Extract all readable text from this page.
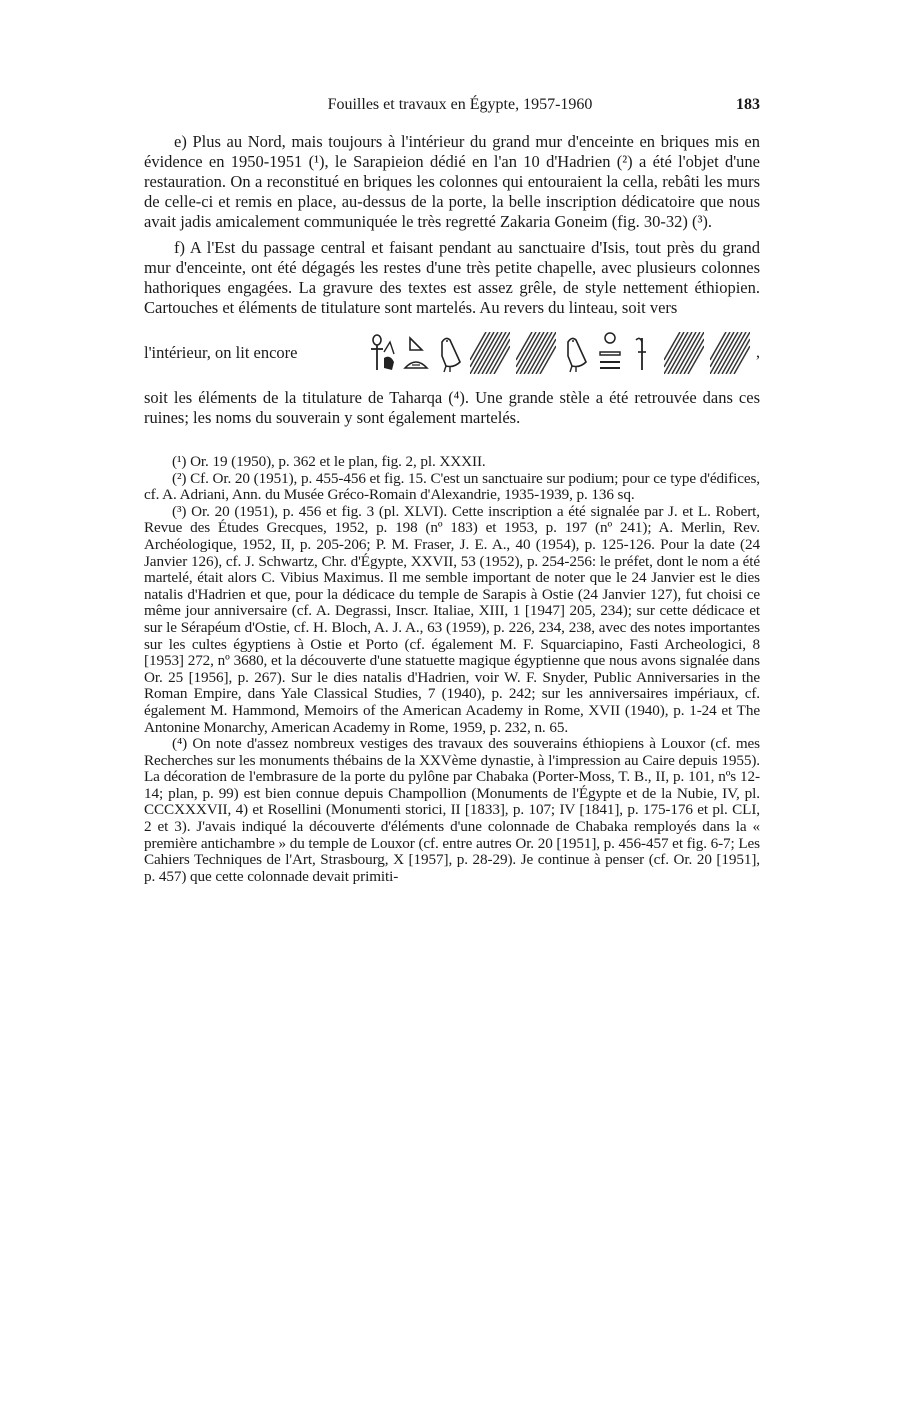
Fouilles et travaux en Égypte, 1957-1960	183

e) Plus au Nord, mais toujours à l'intérieur du grand mur d'enceinte en briques mis en évidence en 1950-1951 (¹), le Sarapieion dédié en l'an 10 d'Hadrien (²) a été l'objet d'une restauration. On a reconstitué en briques les colonnes qui entouraient la cella, rebâti les murs de celle-ci et remis en place, au-dessus de la porte, la belle inscription dédicatoire que nous avait jadis amicalement communiquée le très regretté Zakaria Goneim (fig. 30-32) (³).

f) A l'Est du passage central et faisant pendant au sanctuaire d'Isis, tout près du grand mur d'enceinte, ont été dégagés les restes d'une très petite chapelle, avec plusieurs colonnes hathoriques engagées. La gravure des textes est assez grêle, de style nettement éthiopien. Cartouches et éléments de titulature sont martelés. Au revers du linteau, soit vers

l'intérieur, on lit encore	,

soit les éléments de la titulature de Taharqa (⁴). Une grande stèle a été retrouvée dans ces ruines; les noms du souverain y sont également martelés.

(¹) Or. 19 (1950), p. 362 et le plan, fig. 2, pl. XXXII.

(²) Cf. Or. 20 (1951), p. 455-456 et fig. 15. C'est un sanctuaire sur podium; pour ce type d'édifices, cf. A. Adriani, Ann. du Musée Gréco-Romain d'Alexandrie, 1935-1939, p. 136 sq.

(³) Or. 20 (1951), p. 456 et fig. 3 (pl. XLVI). Cette inscription a été signalée par J. et L. Robert, Revue des Études Grecques, 1952, p. 198 (nº 183) et 1953, p. 197 (nº 241); A. Merlin, Rev. Archéologique, 1952, II, p. 205-206; P. M. Fraser, J. E. A., 40 (1954), p. 125-126. Pour la date (24 Janvier 126), cf. J. Schwartz, Chr. d'Égypte, XXVII, 53 (1952), p. 254-256: le préfet, dont le nom a été martelé, était alors C. Vibius Maximus. Il me semble important de noter que le 24 Janvier est le dies natalis d'Hadrien et que, pour la dédicace du temple de Sarapis à Ostie (24 Janvier 127), fut choisi ce même jour anniversaire (cf. A. Degrassi, Inscr. Italiae, XIII, 1 [1947] 205, 234); sur cette dédicace et sur le Sérapéum d'Ostie, cf. H. Bloch, A. J. A., 63 (1959), p. 226, 234, 238, avec des notes importantes sur les cultes égyptiens à Ostie et Porto (cf. également M. F. Squarciapino, Fasti Archeologici, 8 [1953] 272, nº 3680, et la découverte d'une statuette magique égyptienne que nous avons signalée dans Or. 25 [1956], p. 267). Sur le dies natalis d'Hadrien, voir W. F. Snyder, Public Anniversaries in the Roman Empire, dans Yale Classical Studies, 7 (1940), p. 242; sur les anniversaires impériaux, cf. également M. Hammond, Memoirs of the American Academy in Rome, XVII (1940), p. 1-24 et The Antonine Monarchy, American Academy in Rome, 1959, p. 232, n. 65.

(⁴) On note d'assez nombreux vestiges des travaux des souverains éthiopiens à Louxor (cf. mes Recherches sur les monuments thébains de la XXVème dynastie, à l'impression au Caire depuis 1955). La décoration de l'embrasure de la porte du pylône par Chabaka (Porter-Moss, T. B., II, p. 101, nºs 12-14; plan, p. 99) est bien connue depuis Champollion (Monuments de l'Égypte et de la Nubie, IV, pl. CCCXXXVII, 4) et Rosellini (Monumenti storici, II [1833], p. 107; IV [1841], p. 175-176 et pl. CLI, 2 et 3). J'avais indiqué la découverte d'éléments d'une colonnade de Chabaka remployés dans la « première antichambre » du temple de Louxor (cf. entre autres Or. 20 [1951], p. 456-457 et fig. 6-7; Les Cahiers Techniques de l'Art, Strasbourg, X [1957], p. 28-29). Je continue à penser (cf. Or. 20 [1951], p. 457) que cette colonnade devait primiti-
